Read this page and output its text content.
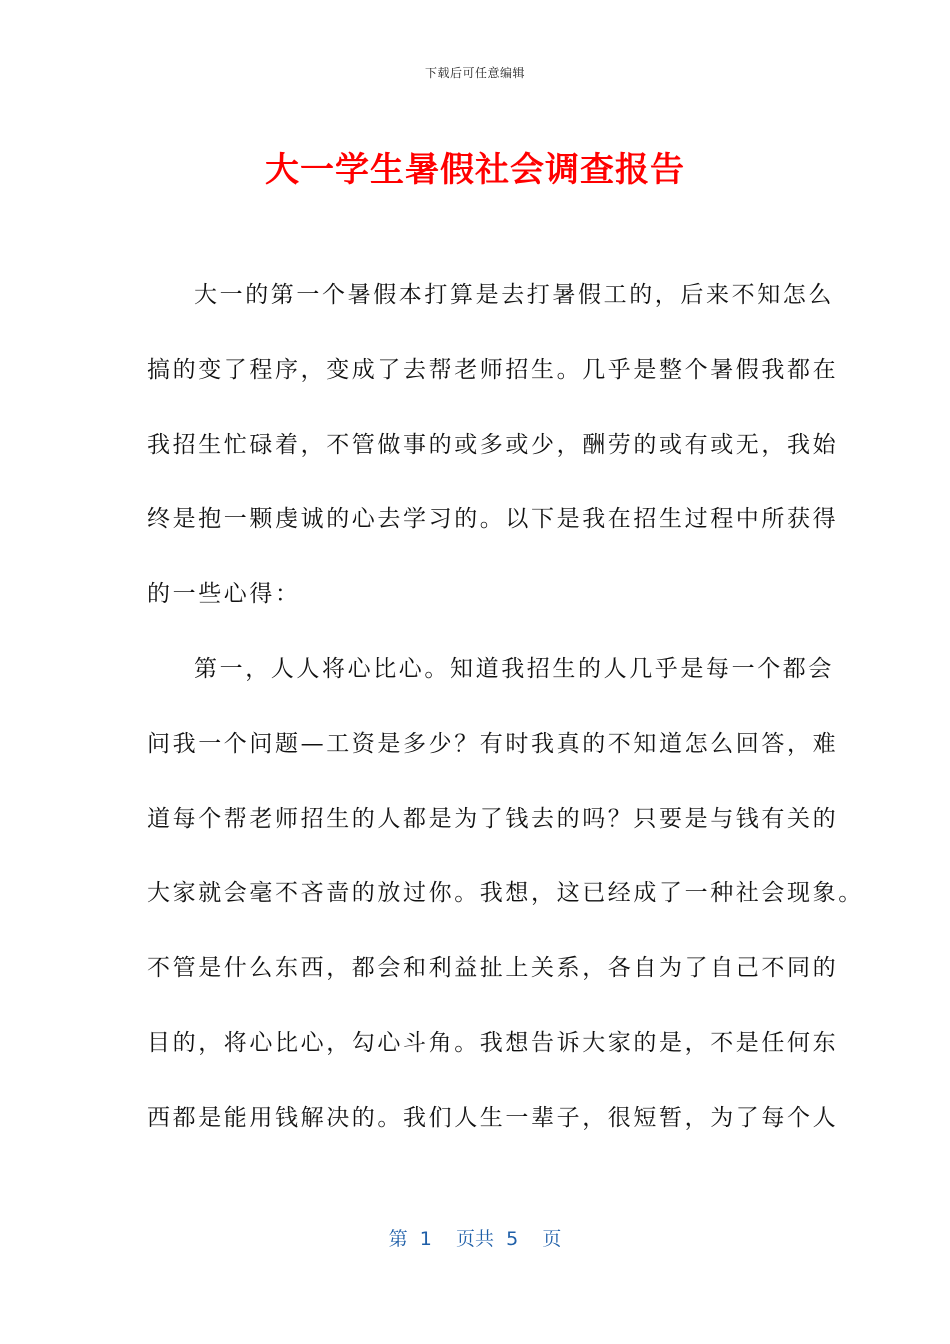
下载后可任意编辑
大一学生暑假社会调查报告
大一的第一个暑假本打算是去打暑假工的，后来不知怎么
搞的变了程序，变成了去帮老师招生。几乎是整个暑假我都在
我招生忙碌着，不管做事的或多或少，酬劳的或有或无，我始
终是抱一颗虔诚的心去学习的。以下是我在招生过程中所获得
的一些心得：
第一，人人将心比心。知道我招生的人几乎是每一个都会
问我一个问题—工资是多少？有时我真的不知道怎么回答，难
道每个帮老师招生的人都是为了钱去的吗？只要是与钱有关的
大家就会毫不吝啬的放过你。我想，这已经成了一种社会现象。
不管是什么东西，都会和利益扯上关系，各自为了自己不同的
目的，将心比心，勾心斗角。我想告诉大家的是，不是任何东
西都是能用钱解决的。我们人生一辈子，很短暂，为了每个人
第  1    页共  5    页
